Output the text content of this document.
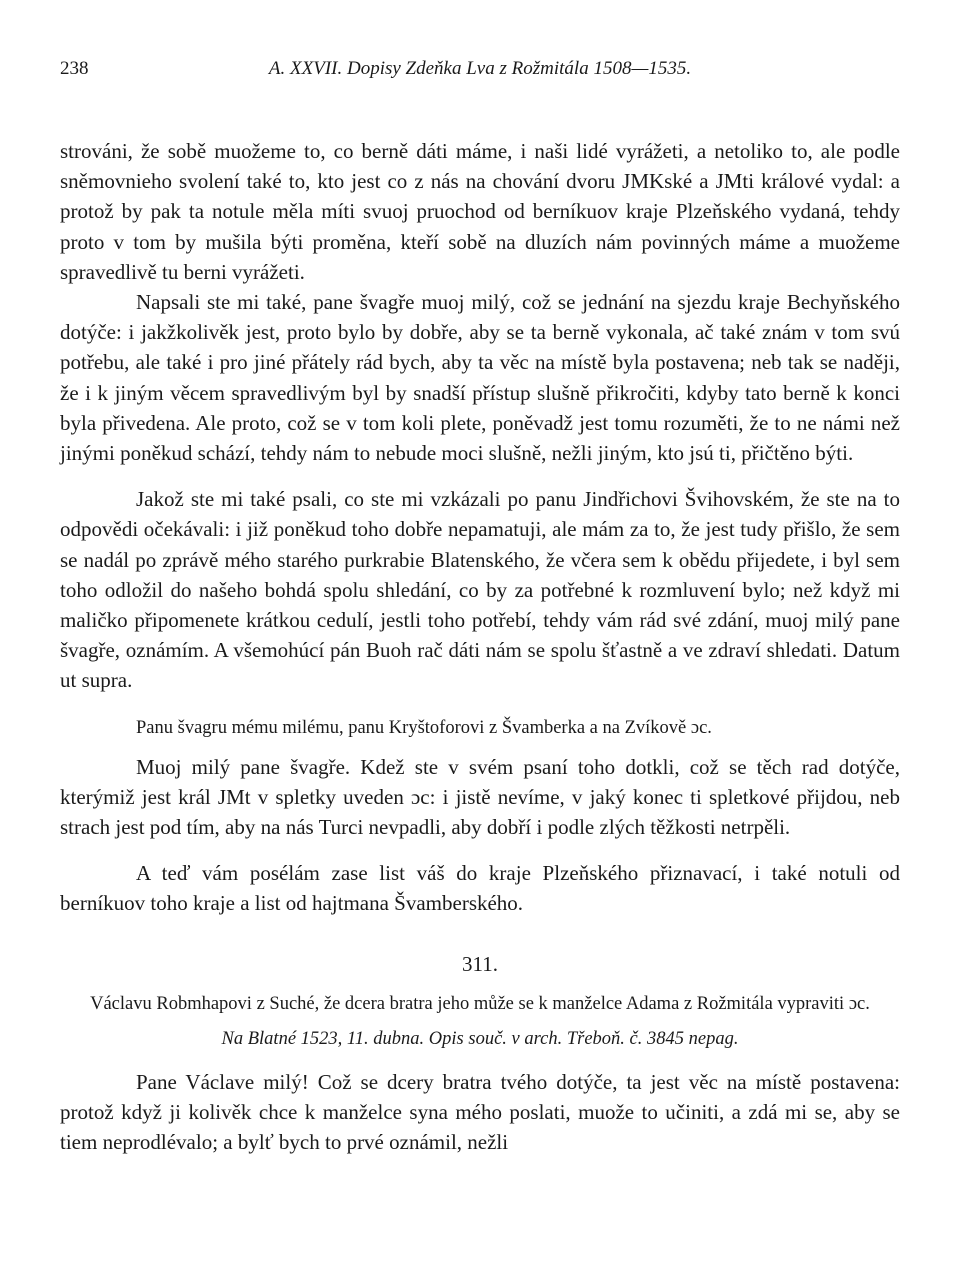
238	A. XXVII. Dopisy Zdeňka Lva z Rožmitála 1508—1535.

strováni, že sobě muožeme to, co berně dáti máme, i naši lidé vyrážeti, a netoliko to, ale podle sněmovnieho svolení také to, kto jest co z nás na chování dvoru JMKské a JMti králové vydal: a protož by pak ta notule měla míti svuoj pruochod od berníkuov kraje Plzeňského vydaná, tehdy proto v tom by mušila býti proměna, kteří sobě na dluzích nám povinných máme a muožeme spravedlivě tu berni vyrážeti.

Napsali ste mi také, pane švagře muoj milý, což se jednání na sjezdu kraje Bechyňského dotýče: i jakžkolivěk jest, proto bylo by dobře, aby se ta berně vykonala, ač také znám v tom svú potřebu, ale také i pro jiné přátely rád bych, aby ta věc na místě byla postavena; neb tak se naději, že i k jiným věcem spravedlivým byl by snadší přístup slušně přikročiti, kdyby tato berně k konci byla přivedena. Ale proto, což se v tom koli plete, poněvadž jest tomu rozuměti, že to ne námi než jinými poněkud schází, tehdy nám to nebude moci slušně, nežli jiným, kto jsú ti, přičtěno býti.

Jakož ste mi také psali, co ste mi vzkázali po panu Jindřichovi Švihovském, že ste na to odpovědi očekávali: i již poněkud toho dobře nepamatuji, ale mám za to, že jest tudy přišlo, že sem se nadál po zprávě mého starého purkrabie Blatenského, že včera sem k obědu přijedete, i byl sem toho odložil do našeho bohdá spolu shledání, co by za potřebné k rozmluvení bylo; než když mi maličko připomenete krátkou cedulí, jestli toho potřebí, tehdy vám rád své zdání, muoj milý pane švagře, oznámím. A všemohúcí pán Buoh rač dáti nám se spolu šťastně a ve zdraví shledati. Datum ut supra.

Panu švagru mému milému, panu Kryštoforovi z Švamberka a na Zvíkově ɔc.

Muoj milý pane švagře. Kdež ste v svém psaní toho dotkli, což se těch rad dotýče, kterýmiž jest král JMt v spletky uveden ɔc: i jistě nevíme, v jaký konec ti spletkové přijdou, neb strach jest pod tím, aby na nás Turci nevpadli, aby dobří i podle zlých těžkosti netrpěli.

A teď vám posélám zase list váš do kraje Plzeňského přiznavací, i také notuli od berníkuov toho kraje a list od hajtmana Švamberského.

311.

Václavu Robmhapovi z Suché, že dcera bratra jeho může se k manželce Adama z Rožmitála vypraviti ɔc.

Na Blatné 1523, 11. dubna. Opis souč. v arch. Třeboň. č. 3845 nepag.

Pane Václave milý! Což se dcery bratra tvého dotýče, ta jest věc na místě postavena: protož když ji kolivěk chce k manželce syna mého poslati, muože to učiniti, a zdá mi se, aby se tiem neprodlévalo; a bylť bych to prvé oznámil, nežli
